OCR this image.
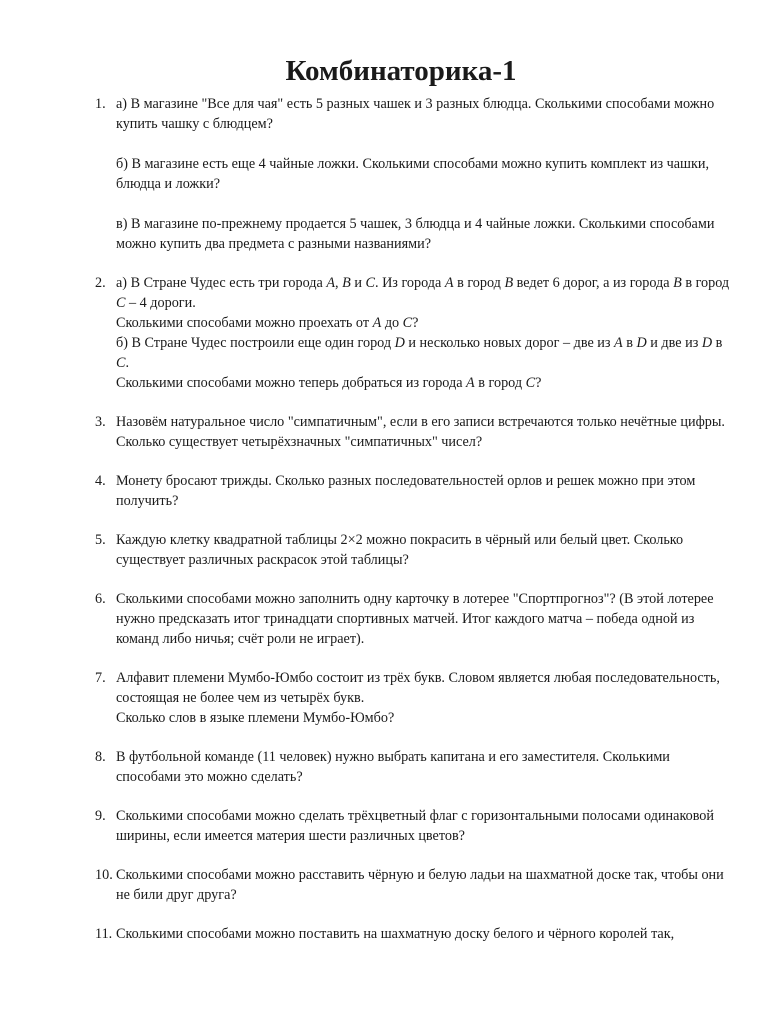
Комбинаторика-1
1. а) В магазине "Все для чая" есть 5 разных чашек и 3 разных блюдца. Сколькими способами можно купить чашку с блюдцем?
б) В магазине есть еще 4 чайные ложки. Сколькими способами можно купить комплект из чашки, блюдца и ложки?
в) В магазине по-прежнему продается 5 чашек, 3 блюдца и 4 чайные ложки. Сколькими способами можно купить два предмета с разными названиями?
2. а) В Стране Чудес есть три города A, B и C. Из города A в город B ведет 6 дорог, а из города B в город C – 4 дороги.
Сколькими способами можно проехать от A до C?
б) В Стране Чудес построили еще один город D и несколько новых дорог – две из A в D и две из D в C.
Сколькими способами можно теперь добраться из города A в город C?
3. Назовём натуральное число "симпатичным", если в его записи встречаются только нечётные цифры.
Сколько существует четырёхзначных "симпатичных" чисел?
4. Монету бросают трижды. Сколько разных последовательностей орлов и решек можно при этом получить?
5. Каждую клетку квадратной таблицы 2×2 можно покрасить в чёрный или белый цвет. Сколько существует различных раскрасок этой таблицы?
6. Сколькими способами можно заполнить одну карточку в лотерее "Спортпрогноз"? (В этой лотерее нужно предсказать итог тринадцати спортивных матчей. Итог каждого матча – победа одной из команд либо ничья; счёт роли не играет).
7. Алфавит племени Мумбо-Юмбо состоит из трёх букв. Словом является любая последовательность, состоящая не более чем из четырёх букв.
Сколько слов в языке племени Мумбо-Юмбо?
8. В футбольной команде (11 человек) нужно выбрать капитана и его заместителя. Сколькими способами это можно сделать?
9. Сколькими способами можно сделать трёхцветный флаг с горизонтальными полосами одинаковой ширины, если имеется материя шести различных цветов?
10. Сколькими способами можно расставить чёрную и белую ладьи на шахматной доске так, чтобы они не били друг друга?
11. Сколькими способами можно поставить на шахматную доску белого и чёрного королей так,
